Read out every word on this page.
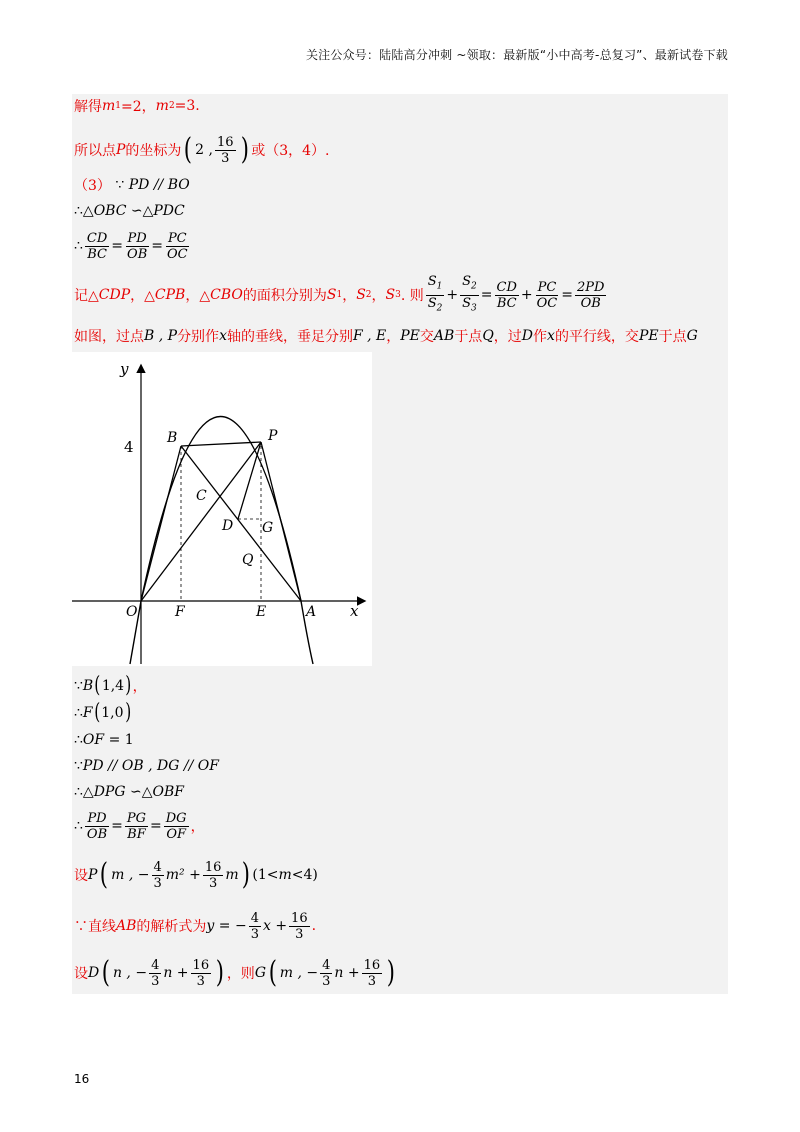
关注公众号：陆陆高分冲刺 ~领取：最新版“小中高考-总复习”、最新试卷下载
解得 m 1 =2， m 2 =3.
所以点 P 的坐标为 ( 2 , $\frac{16}{3}$ ) 或（3，4）.
（3）
∵
PD // BO
∴ △OBC ∽△PDC
∴ $\frac{CD}{BC} = \frac{PD}{OB} = \frac{PC}{OC}$
记△ CDP ，△ CPB ，△ CBO 的面积分别为 S 1 ， S 2 ， S 3 . 则 $\frac{S_1}{S_2} + \frac{S_2}{S_3} = \frac{CD}{BC} + \frac{PC}{OC} = \frac{2PD}{OB}$
如图，过点 B , P 分别作 x 轴的垂线，垂足分别 F , E ， PE 交 AB 于点 Q ，过 D 作 x 的平行线，交 PE 于点 G
y
x
4
O	F	E	A
B	P
C
D G
Q
∵ B ( 1,4 ) ，
∴ F ( 1,0 )
∴ OF
= 1
∵ PD // OB , DG // OF
∴ △DPG ∽△OBF
∴ $\frac{PD}{OB} = \frac{PG}{BF} = \frac{DG}{OF}$ ，
设 P ( m , − $\frac{4}{3} m^2 + \frac{16}{3}$ m ) (1< m <4)
∵直线 AB 的解析式为 y = − $\frac{4}{3}$ $x + \frac{16}{3}$ .
设 D ( n , − $\frac{4}{3}$ $n + \frac{16}{3}$ ) ，则 G ( m , − $\frac{4}{3}$ $n + \frac{16}{3}$ )
16
